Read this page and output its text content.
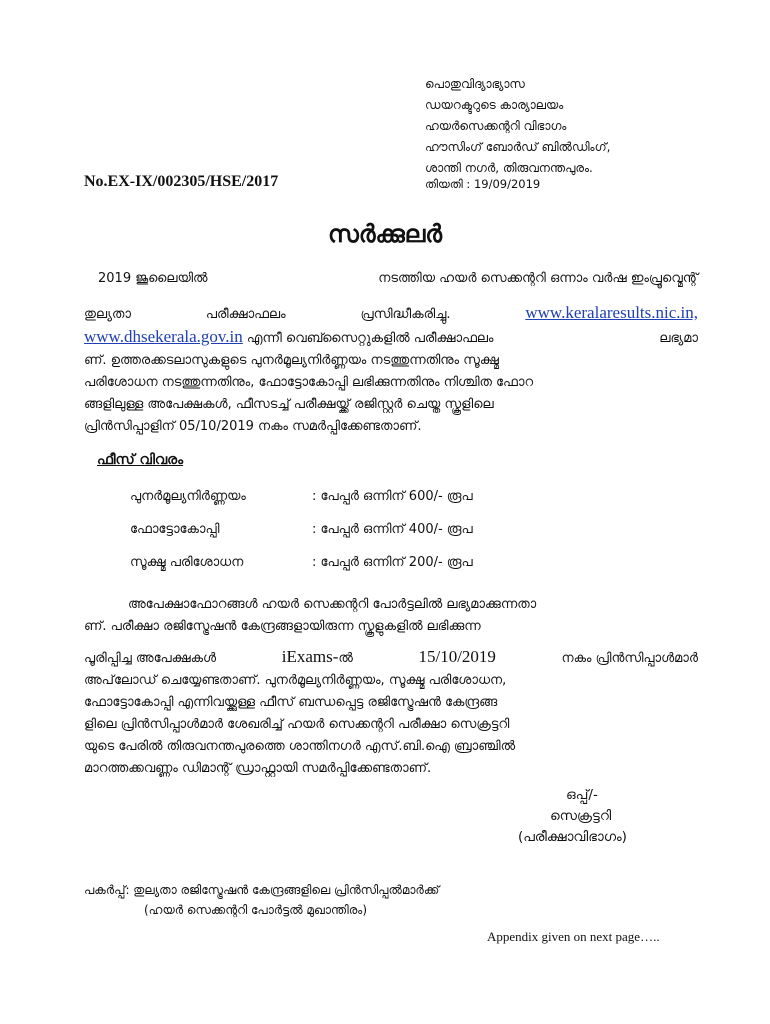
പൊതുവിദ്യാഭ്യാസ
ഡയറക്ടറുടെ കാര്യാലയം
ഹയർസെക്കന്ററി വിഭാഗം
ഹൗസിംഗ് ബോർഡ് ബിൽഡിംഗ്,
ശാന്തി നഗർ, തിരുവനന്തപുരം.
No.EX-IX/002305/HSE/2017	തിയതി : 19/09/2019
സർക്കുലർ
2019 ജൂലൈയിൽ	നടത്തിയ ഹയർ സെക്കന്ററി ഒന്നാം വർഷ ഇംപ്രൂവ്മെന്റ്
തുല്യതാ	പരീക്ഷാഫലം	പ്രസിദ്ധീകരിച്ചു.	www.keralaresults.nic.in,
www.dhsekerala.gov.in എന്നീ വെബ്സൈറ്റുകളിൽ പരീക്ഷാഫലം	ലഭ്യമാ
ണ്. ഉത്തരക്കടലാസുകളുടെ പുനർമൂല്യനിർണ്ണയം നടത്തുന്നതിനും സൂക്ഷ്മ
പരിശോധന നടത്തുന്നതിനും, ഫോട്ടോകോപ്പി ലഭിക്കുന്നതിനും നിശ്ചിത ഫോറ
ങ്ങളിലുള്ള അപേക്ഷകൾ, ഫീസടച്ച് പരീക്ഷയ്ക്ക് രജിസ്റ്റർ ചെയ്ത സ്കൂളിലെ
പ്രിൻസിപ്പാളിന് 05/10/2019 നകം സമർപ്പിക്കേണ്ടതാണ്.
ഫീസ് വിവരം
പുനർമൂല്യനിർണ്ണയം	: പേപ്പർ ഒന്നിന് 600/- രൂപ
ഫോട്ടോകോപ്പി	: പേപ്പർ ഒന്നിന് 400/- രൂപ
സൂക്ഷ്മ പരിശോധന	: പേപ്പർ ഒന്നിന് 200/- രൂപ
അപേക്ഷാഫോറങ്ങൾ ഹയർ സെക്കന്ററി പോർട്ടലിൽ ലഭ്യമാക്കുന്നതാ
ണ്. പരീക്ഷാ രജിസ്ട്രേഷൻ കേന്ദ്രങ്ങളായിരുന്ന സ്കൂളുകളിൽ ലഭിക്കുന്ന
പൂരിപ്പിച്ച അപേക്ഷകൾ	iExams-ൽ	15/10/2019	നകം പ്രിൻസിപ്പാൾമാർ
അപ്‌ലോഡ് ചെയ്യേണ്ടതാണ്. പുനർമൂല്യനിർണ്ണയം, സൂക്ഷ്മ പരിശോധന,
ഫോട്ടോകോപ്പി എന്നിവയ്ക്കുള്ള ഫീസ് ബന്ധപ്പെട്ട രജിസ്ട്രേഷൻ കേന്ദ്രങ്ങ
ളിലെ പ്രിൻസിപ്പാൾമാർ ശേഖരിച്ച് ഹയർ സെക്കന്ററി പരീക്ഷാ സെക്രട്ടറി
യുടെ പേരിൽ തിരുവനന്തപുരത്തെ ശാന്തിനഗർ എസ്.ബി.ഐ ബ്രാഞ്ചിൽ
മാറത്തക്കവണ്ണം ഡിമാന്റ് ഡ്രാഫ്റ്റായി സമർപ്പിക്കേണ്ടതാണ്.
ഒപ്പ്/-
സെക്രട്ടറി
(പരീക്ഷാവിഭാഗം)
പകർപ്പ്: തുല്യതാ രജിസ്ട്രേഷൻ കേന്ദ്രങ്ങളിലെ പ്രിൻസിപ്പൽമാർക്ക്
(ഹയർ സെക്കന്ററി പോർട്ടൽ മുഖാന്തിരം)
Appendix given on next page…..
